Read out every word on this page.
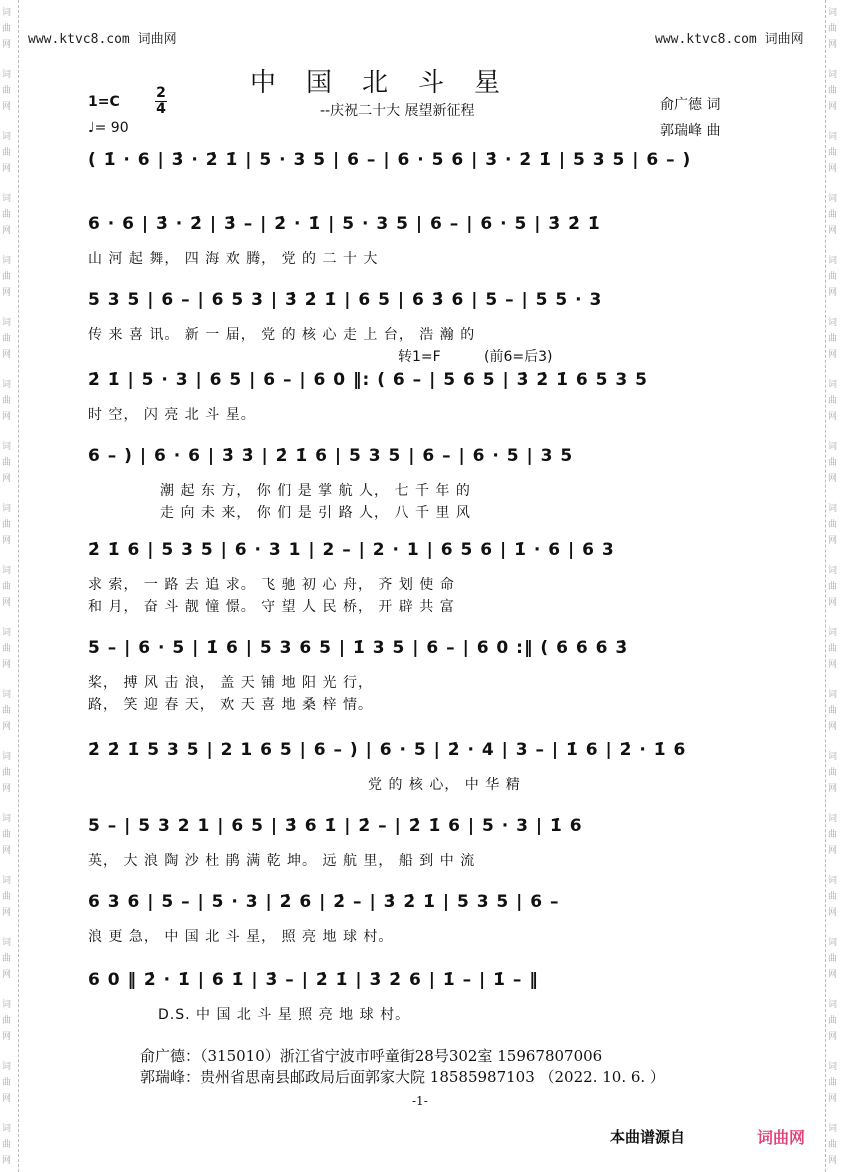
词
曲
网
词
曲
网
词
曲
网
词
曲
网
词
曲
网
词
曲
网
词
曲
网
词
曲
网
词
曲
网
词
曲
网
词
曲
网
词
曲
网
词
曲
网
词
曲
网
词
曲
网
词
曲
网
词
曲
网
词
曲
网
词
曲
网
词
曲
网
词
曲
网
词
曲
网
词
曲
网
词
曲
网
词
曲
网
词
曲
网
词
曲
网
词
曲
网
词
曲
网
词
曲
网
词
曲
网
词
曲
网
词
曲
网
词
曲
网
词
曲
网
词
曲
网
词
曲
网
词
曲
网
www.ktvc8.com 词曲网	www.ktvc8.com 词曲网
中国北斗星
--庆祝二十大 展望新征程
1=C
2
4
♩= 90
俞广德 词
郭瑞峰 曲
转1=F	(前6=后3)
( 1̇ · 6 | 3̇ · 2̇ 1̇ | 5 · 3 5 | 6 – | 6 · 5 6 | 3̇ · 2̇ 1̇ | 5 3 5 | 6 – )
6 · 6 | 3̇ · 2̇ | 3̇ – | 2̇ · 1̇ | 5 · 3 5 | 6 – | 6 · 5 | 3̇ 2̇ 1̇
山 河 起 舞， 四 海 欢 腾， 党 的 二 十 大
5 3 5 | 6 – | 6 5 3 | 3̇ 2̇ 1̇ | 6 5 | 6 3̇ 6 | 5 – | 5 5 · 3
传 来 喜 讯。 新 一 届， 党 的 核 心 走 上 台， 浩 瀚 的
2̇ 1̇ | 5 · 3 | 6 5 | 6 – | 6 0 ‖: ( 6 – | 5 6 5 | 3̇ 2̇ 1̇ 6 5 3 5
时 空， 闪 亮 北 斗 星。
6 – ) | 6 · 6 | 3̇ 3̇ | 2̇ 1̇ 6 | 5 3 5 | 6 – | 6 · 5 | 3 5
潮 起 东 方， 你 们 是 掌 航 人， 七 千 年 的
走 向 未 来， 你 们 是 引 路 人， 八 千 里 风
2̇ 1̇ 6 | 5 3 5 | 6 · 3 1 | 2 – | 2 · 1 | 6 5 6 | 1̇ · 6 | 6 3
求 索， 一 路 去 追 求。 飞 驰 初 心 舟， 齐 划 使 命
和 月， 奋 斗 靓 憧 憬。 守 望 人 民 桥， 开 辟 共 富
5 – | 6 · 5 | 1̇ 6 | 5 3 6 5 | 1̇ 3 5 | 6 – | 6 0 :‖ ( 6 6 6 3̇
桨， 搏 风 击 浪， 盖 天 铺 地 阳 光 行，
路， 笑 迎 春 天， 欢 天 喜 地 桑 梓 情。
2̇ 2̇ 1̇ 5 3 5 | 2 1 6 5 | 6 – ) | 6 · 5 | 2̇ · 4 | 3 – | 1̇ 6 | 2̇ · 1̇ 6
党 的 核 心， 中 华 精
5 – | 5 3 2 1 | 6 5 | 3̇ 6 1̇ | 2̇ – | 2̇ 1̇ 6 | 5 · 3 | 1̇ 6
英， 大 浪 陶 沙 杜 鹃 满 乾 坤。 远 航 里， 船 到 中 流
6 3 6 | 5 – | 5 · 3 | 2̇ 6 | 2̇ – | 3̇ 2̇ 1̇ | 5 3 5 | 6 –
浪 更 急， 中 国 北 斗 星， 照 亮 地 球 村。
6 0 ‖ 2̇ · 1̇ | 6 1̇ | 3̇ – | 2̇ 1̇ | 3̇ 2̇ 6 | 1̇ – | 1̇ – ‖
D.S. 中 国 北 斗 星 照 亮 地 球 村。
俞广德：（315010）浙江省宁波市呼童街28号302室 15967807006
郭瑞峰：贵州省思南县邮政局后面郭家大院 18585987103 （2022. 10. 6. ）
-1-
本曲谱源自	词曲网
